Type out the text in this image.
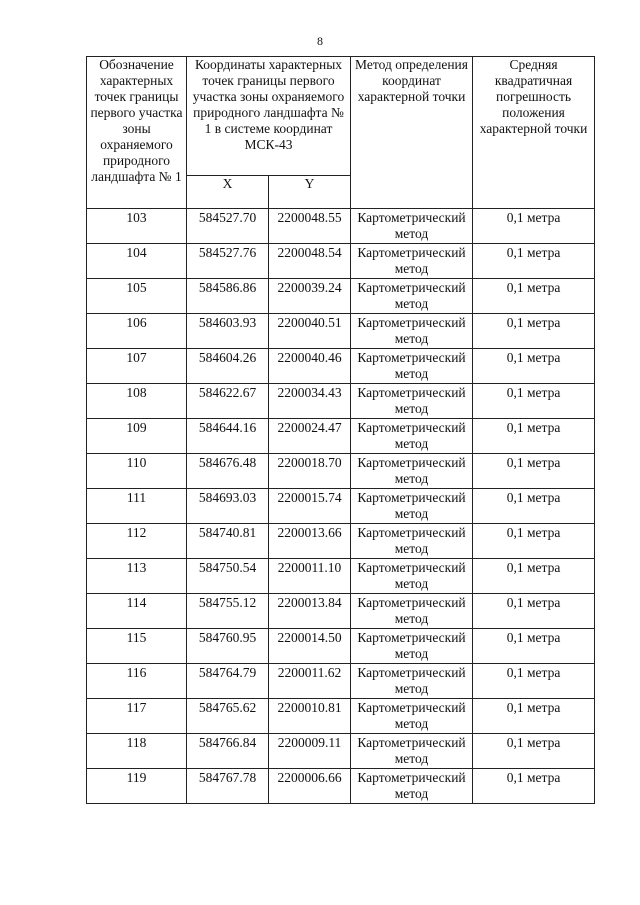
8
Обозначение характерных точек границы первого участка зоны охраняемого природного ландшафта № 1	Координаты характерных точек границы первого участка зоны охраняемого природного ландшафта № 1 в системе координат МСК-43		Метод определения координат характерной точки	Средняя квадратичная погрешность положения характерной точки
	X	Y		
103	584527.70	2200048.55	Картометрический метод	0,1 метра
104	584527.76	2200048.54	Картометрический метод	0,1 метра
105	584586.86	2200039.24	Картометрический метод	0,1 метра
106	584603.93	2200040.51	Картометрический метод	0,1 метра
107	584604.26	2200040.46	Картометрический метод	0,1 метра
108	584622.67	2200034.43	Картометрический метод	0,1 метра
109	584644.16	2200024.47	Картометрический метод	0,1 метра
110	584676.48	2200018.70	Картометрический метод	0,1 метра
111	584693.03	2200015.74	Картометрический метод	0,1 метра
112	584740.81	2200013.66	Картометрический метод	0,1 метра
113	584750.54	2200011.10	Картометрический метод	0,1 метра
114	584755.12	2200013.84	Картометрический метод	0,1 метра
115	584760.95	2200014.50	Картометрический метод	0,1 метра
116	584764.79	2200011.62	Картометрический метод	0,1 метра
117	584765.62	2200010.81	Картометрический метод	0,1 метра
118	584766.84	2200009.11	Картометрический метод	0,1 метра
119	584767.78	2200006.66	Картометрический метод	0,1 метра
